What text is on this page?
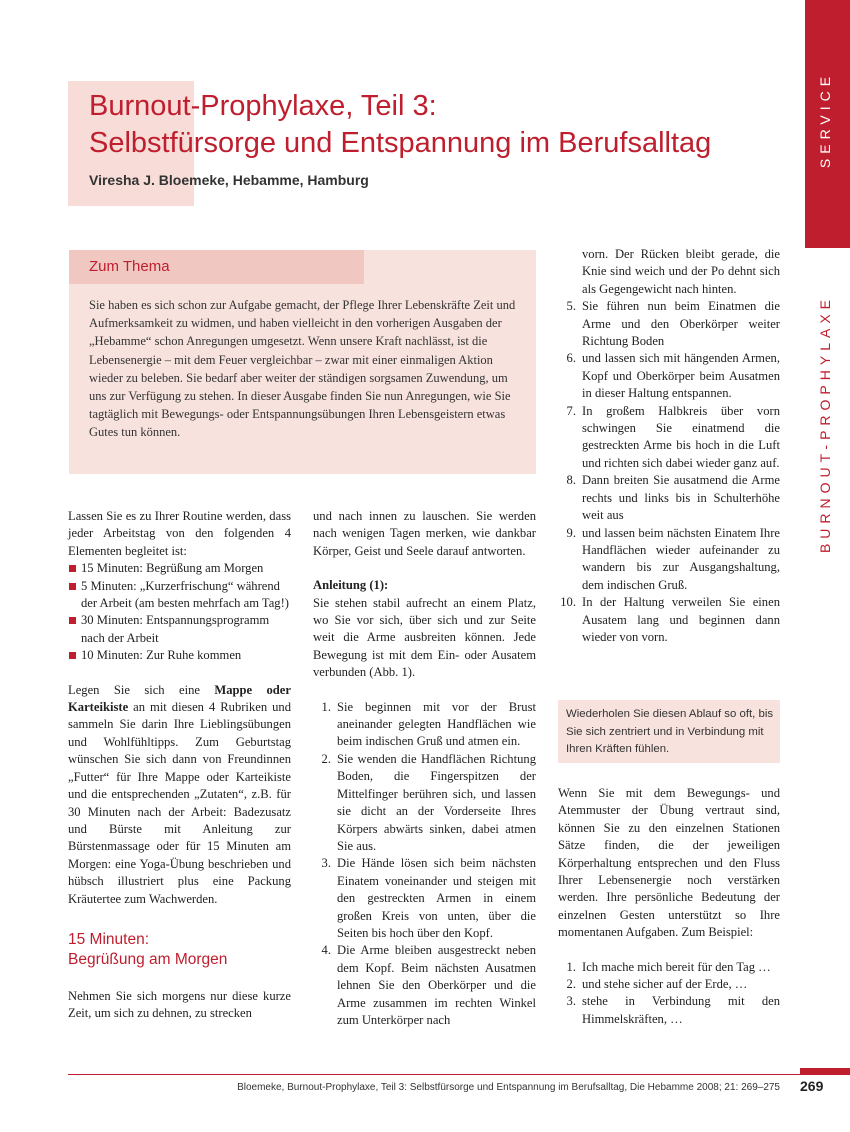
Burnout-Prophylaxe, Teil 3:
Selbstfürsorge und Entspannung im Berufsalltag
Viresha J. Bloemeke, Hebamme, Hamburg
SERVICE
BURNOUT-PROPHYLAXE
Zum Thema
Sie haben es sich schon zur Aufgabe gemacht, der Pflege Ihrer Lebenskräfte Zeit und Aufmerksamkeit zu widmen, und haben vielleicht in den vorherigen Ausgaben der „Hebamme“ schon Anregungen umgesetzt. Wenn unsere Kraft nachlässt, ist die Lebensenergie – mit dem Feuer vergleichbar – zwar mit einer einmaligen Aktion wieder zu beleben. Sie bedarf aber weiter der ständigen sorgsamen Zuwendung, um uns zur Verfügung zu stehen. In dieser Ausgabe finden Sie nun Anregungen, wie Sie tagtäglich mit Bewegungs- oder Entspannungsübungen Ihren Lebensgeistern etwas Gutes tun können.

Lassen Sie es zu Ihrer Routine werden, dass jeder Arbeitstag von den folgenden 4 Elementen begleitet ist:

15 Minuten: Begrüßung am Morgen
5 Minuten: „Kurzerfrischung“ während der Arbeit (am besten mehrfach am Tag!)
30 Minuten: Entspannungsprogramm nach der Arbeit
10 Minuten: Zur Ruhe kommen

Legen Sie sich eine Mappe oder Karteikiste an mit diesen 4 Rubriken und sammeln Sie darin Ihre Lieblingsübungen und Wohlfühltipps. Zum Geburtstag wünschen Sie sich dann von Freundinnen „Futter“ für Ihre Mappe oder Karteikiste und die entsprechenden „Zutaten“, z.B. für 30 Minuten nach der Arbeit: Badezusatz und Bürste mit Anleitung zur Bürstenmassage oder für 15 Minuten am Morgen: eine Yoga-Übung beschrieben und hübsch illustriert plus eine Packung Kräutertee zum Wachwerden.

15 Minuten:
Begrüßung am Morgen

Nehmen Sie sich morgens nur diese kurze Zeit, um sich zu dehnen, zu strecken

und nach innen zu lauschen. Sie werden nach wenigen Tagen merken, wie dankbar Körper, Geist und Seele darauf antworten.

Anleitung (1):

Sie stehen stabil aufrecht an einem Platz, wo Sie vor sich, über sich und zur Seite weit die Arme ausbreiten können. Jede Bewegung ist mit dem Ein- oder Ausatem verbunden (Abb. 1).

1. Sie beginnen mit vor der Brust aneinander gelegten Handflächen wie beim indischen Gruß und atmen ein.
2. Sie wenden die Handflächen Richtung Boden, die Fingerspitzen der Mittelfinger berühren sich, und lassen sie dicht an der Vorderseite Ihres Körpers abwärts sinken, dabei atmen Sie aus.
3. Die Hände lösen sich beim nächsten Einatem voneinander und steigen mit den gestreckten Armen in einem großen Kreis von unten, über die Seiten bis hoch über den Kopf.
4. Die Arme bleiben ausgestreckt neben dem Kopf. Beim nächsten Ausatmen lehnen Sie den Oberkörper und die Arme zusammen im rechten Winkel zum Unterkörper nach

vorn. Der Rücken bleibt gerade, die Knie sind weich und der Po dehnt sich als Gegengewicht nach hinten.

5. Sie führen nun beim Einatmen die Arme und den Oberkörper weiter Richtung Boden
6. und lassen sich mit hängenden Armen, Kopf und Oberkörper beim Ausatmen in dieser Haltung entspannen.
7. In großem Halbkreis über vorn schwingen Sie einatmend die gestreckten Arme bis hoch in die Luft und richten sich dabei wieder ganz auf.
8. Dann breiten Sie ausatmend die Arme rechts und links bis in Schulterhöhe weit aus
9. und lassen beim nächsten Einatem Ihre Handflächen wieder aufeinander zu wandern bis zur Ausgangshaltung, dem indischen Gruß.
10. In der Haltung verweilen Sie einen Ausatem lang und beginnen dann wieder von vorn.
Wiederholen Sie diesen Ablauf so oft, bis Sie sich zentriert und in Verbindung mit Ihren Kräften fühlen.

Wenn Sie mit dem Bewegungs- und Atemmuster der Übung vertraut sind, können Sie zu den einzelnen Stationen Sätze finden, die der jeweiligen Körperhaltung entsprechen und den Fluss Ihrer Lebensenergie noch verstärken werden. Ihre persönliche Bedeutung der einzelnen Gesten unterstützt so Ihre momentanen Aufgaben. Zum Beispiel:

1. Ich mache mich bereit für den Tag …
2. und stehe sicher auf der Erde, …
3. stehe in Verbindung mit den Himmelskräften, …
Bloemeke, Burnout-Prophylaxe, Teil 3: Selbstfürsorge und Entspannung im Berufsalltag, Die Hebamme 2008; 21: 269–275 269
